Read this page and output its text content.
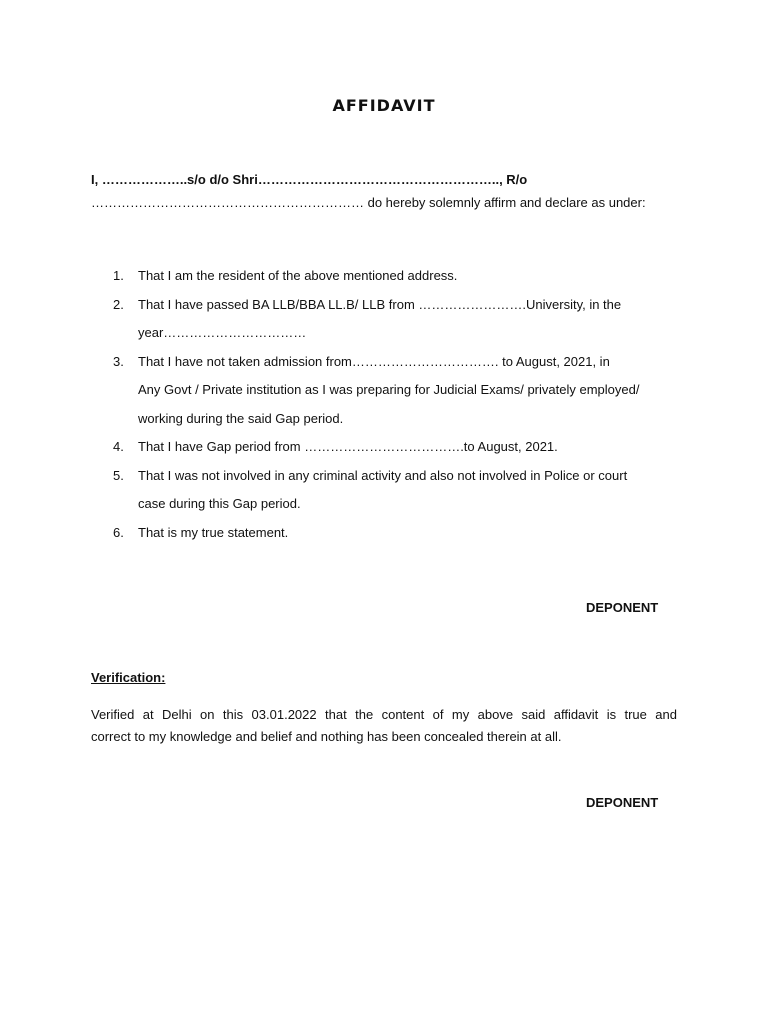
AFFIDAVIT
I, ………………..s/o d/o Shri……………………………………………….., R/o
……………………………………………………… do hereby solemnly affirm and declare as under:
1. That I am the resident of the above mentioned address.
2. That I have passed BA LLB/BBA LL.B/ LLB from …………………….University, in the
year……………………………
3. That I have not taken admission from……………………………. to August, 2021, in
Any Govt / Private institution as I was preparing for Judicial Exams/ privately employed/
working during the said Gap period.
4. That I have Gap period from ……………………………….to August, 2021.
5. That I was not involved in any criminal activity and also not involved in Police or court
case during this Gap period.
6. That is my true statement.
DEPONENT
Verification:
Verified at Delhi on this 03.01.2022 that the content of my above said affidavit is true and
correct to my knowledge and belief and nothing has been concealed therein at all.
DEPONENT
